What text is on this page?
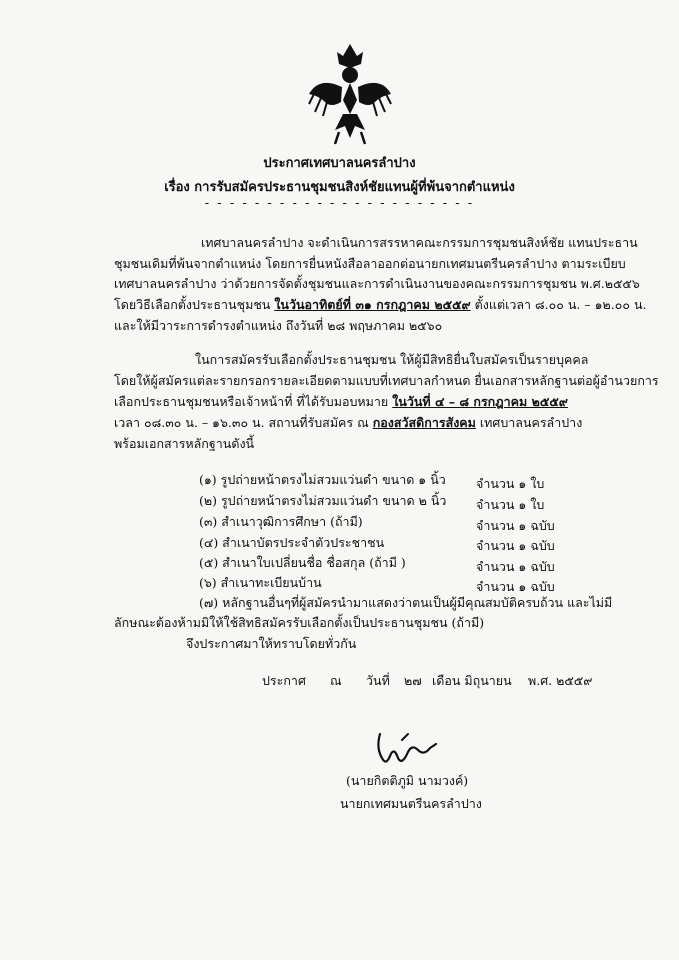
ประกาศเทศบาลนครลำปาง
เรื่อง การรับสมัครประธานชุมชนสิงห์ชัยแทนผู้ที่พ้นจากตำแหน่ง
- - - - - - - - - - - - - - - - - - - - - -
เทศบาลนครลำปาง จะดำเนินการสรรหาคณะกรรมการชุมชนสิงห์ชัย แทนประธาน
ชุมชนเดิมที่พ้นจากตำแหน่ง โดยการยื่นหนังสือลาออกต่อนายกเทศมนตรีนครลำปาง ตามระเบียบ
เทศบาลนครลำปาง ว่าด้วยการจัดตั้งชุมชนและการดำเนินงานของคณะกรรมการชุมชน พ.ศ.๒๕๕๖
โดยวิธีเลือกตั้งประธานชุมชน ในวันอาทิตย์ที่ ๓๑ กรกฎาคม ๒๕๕๙ ตั้งแต่เวลา ๘.๐๐ น. – ๑๒.๐๐ น.
และให้มีวาระการดำรงตำแหน่ง ถึงวันที่ ๒๘ พฤษภาคม ๒๕๖๐
ในการสมัครรับเลือกตั้งประธานชุมชน ให้ผู้มีสิทธิยื่นใบสมัครเป็นรายบุคคล
โดยให้ผู้สมัครแต่ละรายกรอกรายละเอียดตามแบบที่เทศบาลกำหนด ยื่นเอกสารหลักฐานต่อผู้อำนวยการ
เลือกประธานชุมชนหรือเจ้าหน้าที่ ที่ได้รับมอบหมาย ในวันที่ ๔ – ๘ กรกฎาคม ๒๕๕๙
เวลา ๐๘.๓๐ น. – ๑๖.๓๐ น. สถานที่รับสมัคร ณ กองสวัสดิการสังคม เทศบาลนครลำปาง
พร้อมเอกสารหลักฐานดังนี้
(๑) รูปถ่ายหน้าตรงไม่สวมแว่นดำ ขนาด ๑ นิ้ว จำนวน ๑ ใบ
(๒) รูปถ่ายหน้าตรงไม่สวมแว่นดำ ขนาด ๒ นิ้ว จำนวน ๑ ใบ
(๓) สำเนาวุฒิการศึกษา (ถ้ามี)	จำนวน ๑ ฉบับ
(๔) สำเนาบัตรประจำตัวประชาชน	จำนวน ๑ ฉบับ
(๕) สำเนาใบเปลี่ยนชื่อ ชื่อสกุล (ถ้ามี )	จำนวน ๑ ฉบับ
(๖) สำเนาทะเบียนบ้าน	จำนวน ๑ ฉบับ
(๗) หลักฐานอื่นๆที่ผู้สมัครนำมาแสดงว่าตนเป็นผู้มีคุณสมบัติครบถ้วน และไม่มี
ลักษณะต้องห้ามมิให้ใช้สิทธิสมัครรับเลือกตั้งเป็นประธานชุมชน (ถ้ามี)
จึงประกาศมาให้ทราบโดยทั่วกัน
ประกาศ ณ วันที่ ๒๗ เดือน มิถุนายน พ.ศ. ๒๕๕๙
(นายกิตติภูมิ นามวงค์)
นายกเทศมนตรีนครลำปาง
